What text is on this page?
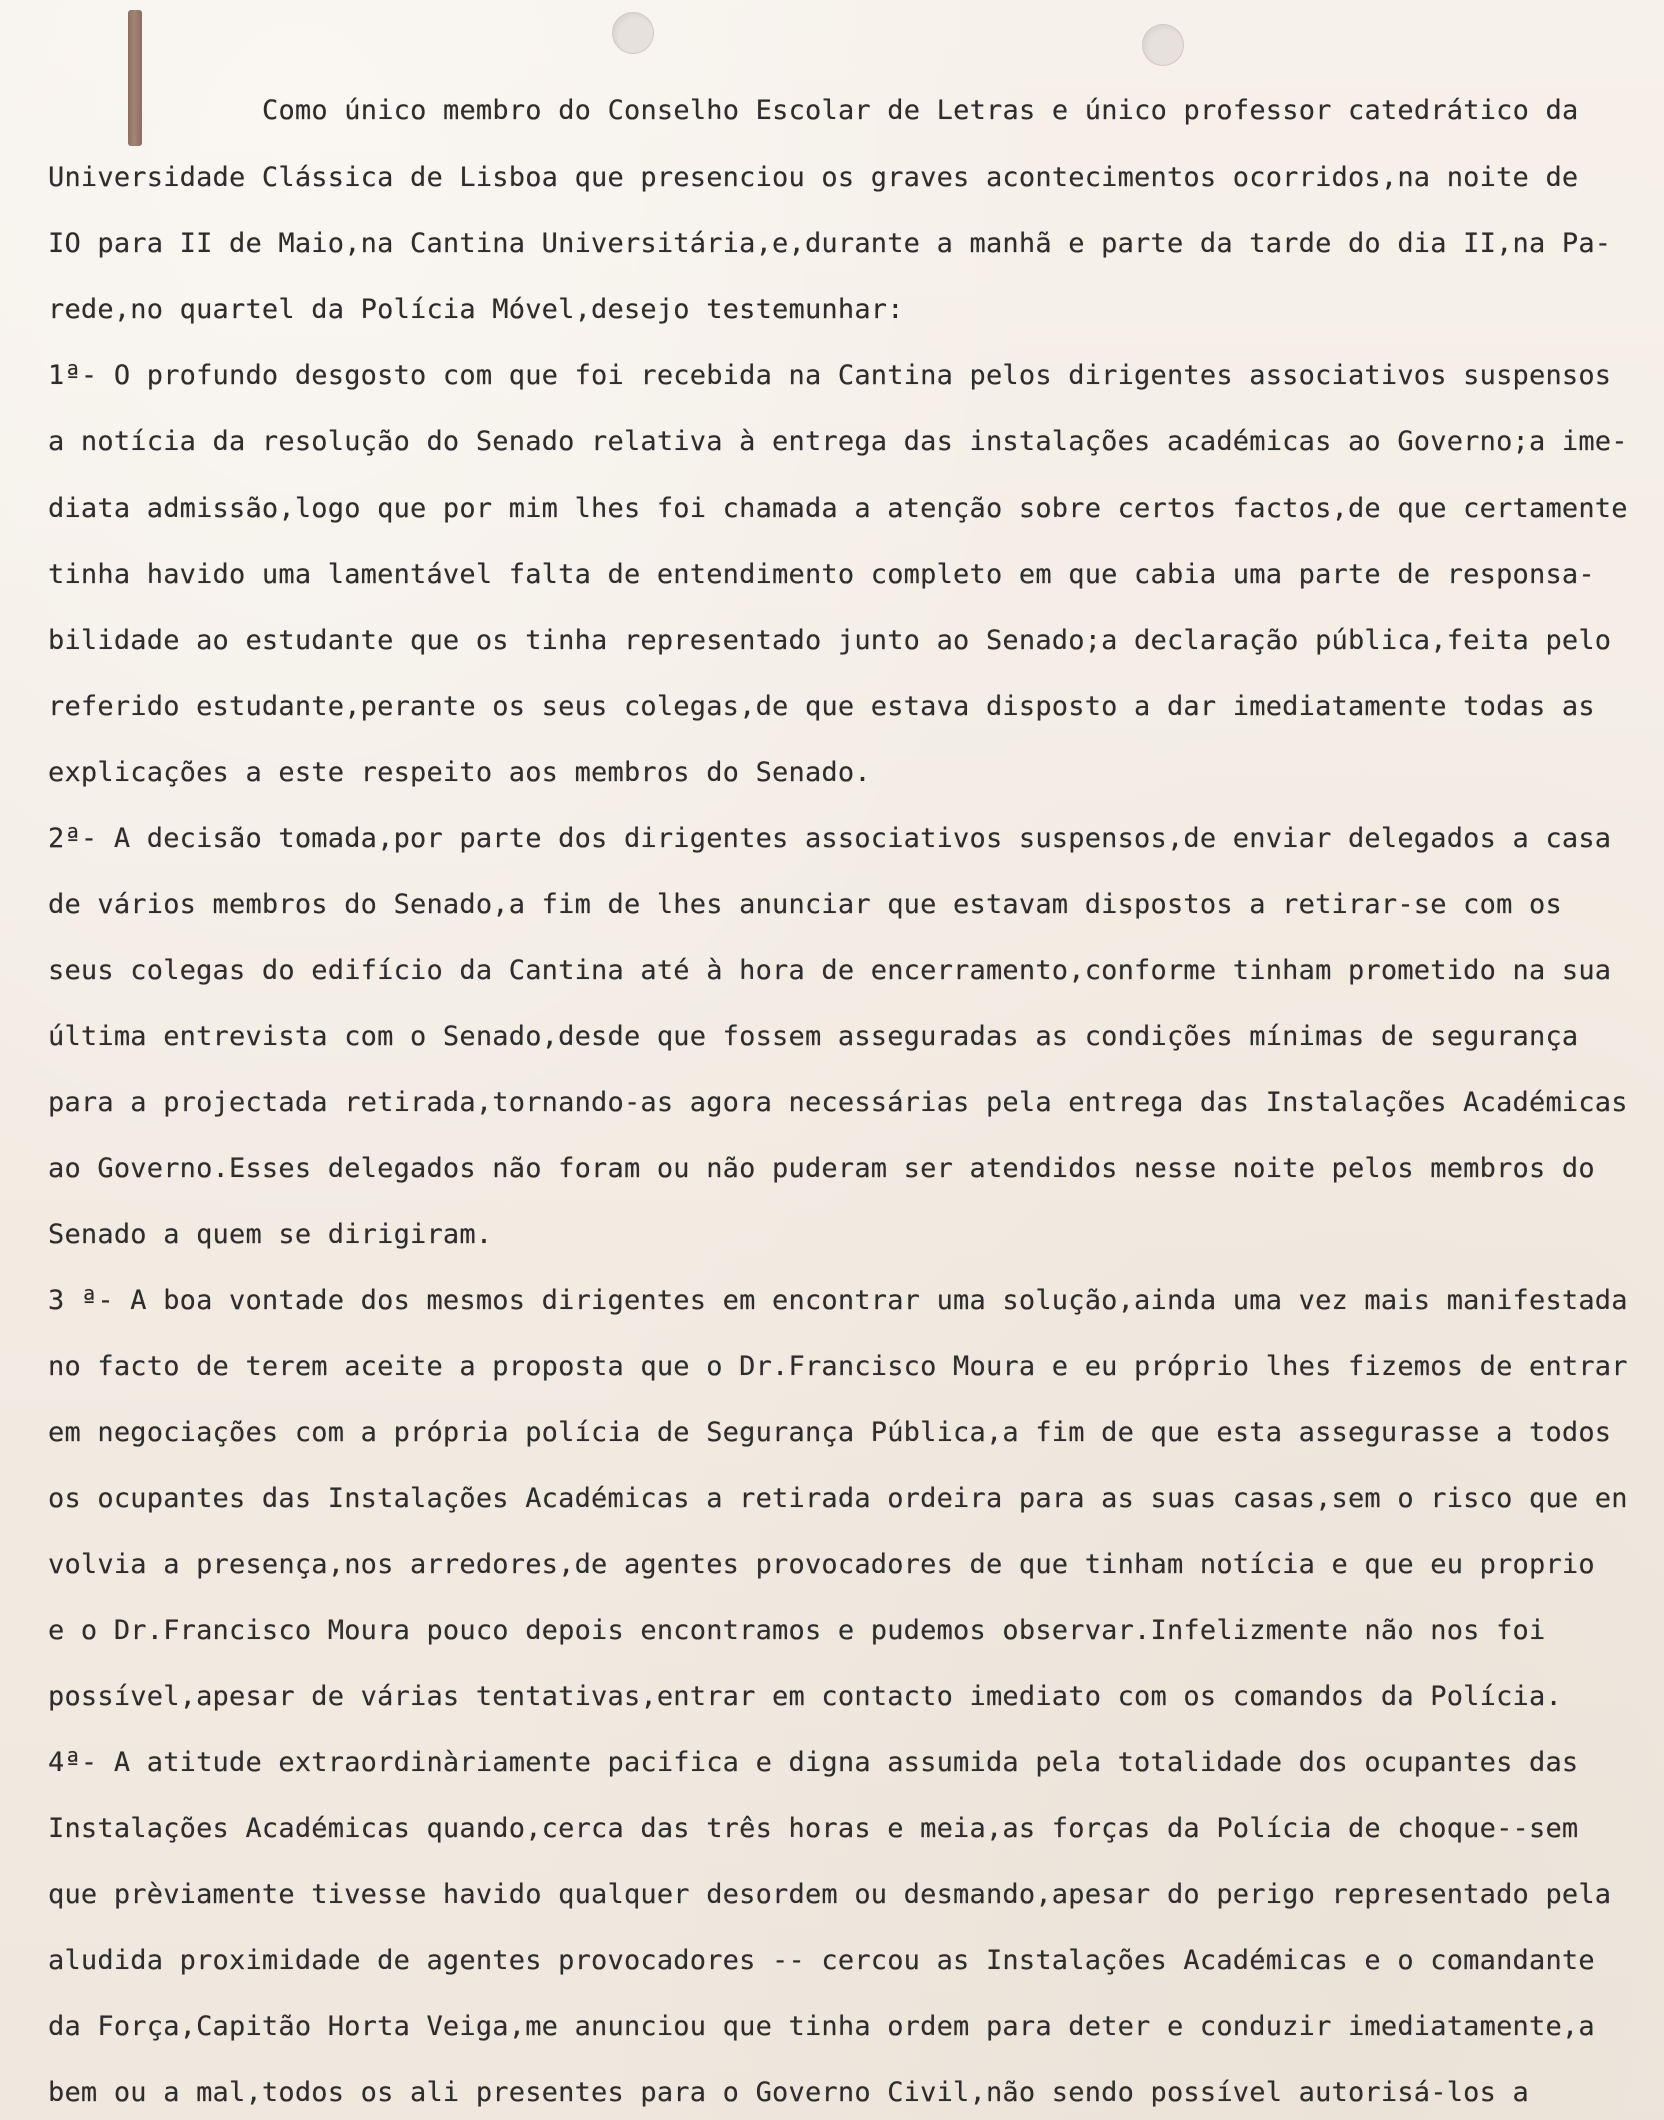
Como único membro do Conselho Escolar de Letras e único professor catedrático da
Universidade Clássica de Lisboa que presenciou os graves acontecimentos ocorridos,na noite de
IO para II de Maio,na Cantina Universitária,e,durante a manhã e parte da tarde do dia II,na Pa-
rede,no quartel da Polícia Móvel,desejo testemunhar:
1ª- O profundo desgosto com que foi recebida na Cantina pelos dirigentes associativos suspensos
a notícia da resolução do Senado relativa à entrega das instalações académicas ao Governo;a ime-
diata admissão,logo que por mim lhes foi chamada a atenção sobre certos factos,de que certamente
tinha havido uma lamentável falta de entendimento completo em que cabia uma parte de responsa-
bilidade ao estudante que os tinha representado junto ao Senado;a declaração pública,feita pelo
referido estudante,perante os seus colegas,de que estava disposto a dar imediatamente todas as
explicações a este respeito aos membros do Senado.
2ª- A decisão tomada,por parte dos dirigentes associativos suspensos,de enviar delegados a casa
de vários membros do Senado,a fim de lhes anunciar que estavam dispostos a retirar-se com os
seus colegas do edifício da Cantina até à hora de encerramento,conforme tinham prometido na sua
última entrevista com o Senado,desde que fossem asseguradas as condições mínimas de segurança
para a projectada retirada,tornando-as agora necessárias pela entrega das Instalações Académicas
ao Governo.Esses delegados não foram ou não puderam ser atendidos nesse noite pelos membros do
Senado a quem se dirigiram.
3 ª- A boa vontade dos mesmos dirigentes em encontrar uma solução,ainda uma vez mais manifestada
no facto de terem aceite a proposta que o Dr.Francisco Moura e eu próprio lhes fizemos de entrar
em negociações com a própria polícia de Segurança Pública,a fim de que esta assegurasse a todos
os ocupantes das Instalações Académicas a retirada ordeira para as suas casas,sem o risco que en
volvia a presença,nos arredores,de agentes provocadores de que tinham notícia e que eu proprio
e o Dr.Francisco Moura pouco depois encontramos e pudemos observar.Infelizmente não nos foi
possível,apesar de várias tentativas,entrar em contacto imediato com os comandos da Polícia.
4ª- A atitude extraordinàriamente pacifica e digna assumida pela totalidade dos ocupantes das
Instalações Académicas quando,cerca das três horas e meia,as forças da Polícia de choque--sem
que prèviamente tivesse havido qualquer desordem ou desmando,apesar do perigo representado pela
aludida proximidade de agentes provocadores -- cercou as Instalações Académicas e o comandante
da Força,Capitão Horta Veiga,me anunciou que tinha ordem para deter e conduzir imediatamente,a
bem ou a mal,todos os ali presentes para o Governo Civil,não sendo possível autorisá-los a
